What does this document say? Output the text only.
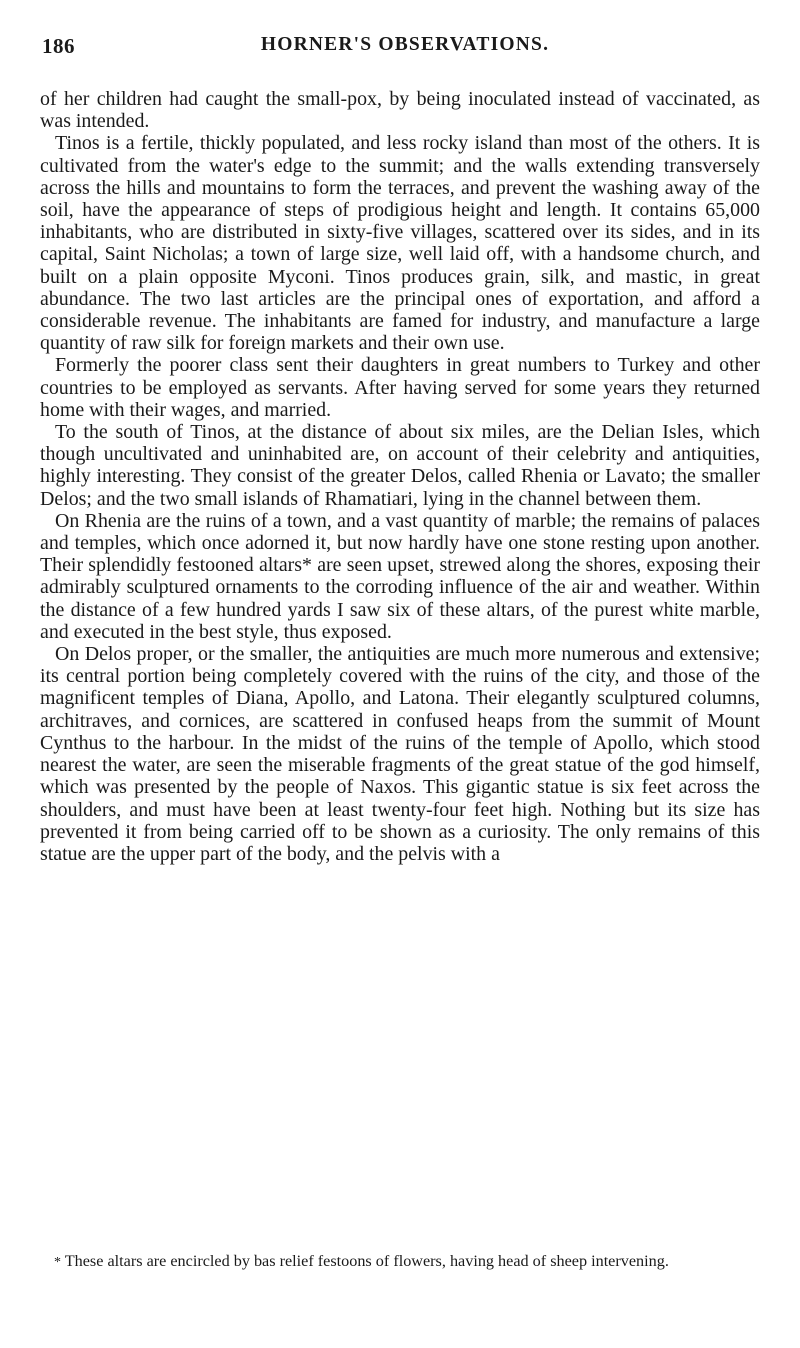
186	HORNER'S OBSERVATIONS.

of her children had caught the small-pox, by being inoculated instead of vaccinated, as was intended.

Tinos is a fertile, thickly populated, and less rocky island than most of the others. It is cultivated from the water's edge to the summit; and the walls extending transversely across the hills and mountains to form the terraces, and prevent the washing away of the soil, have the appearance of steps of prodigious height and length. It contains 65,000 inhabitants, who are distributed in sixty-five villages, scattered over its sides, and in its capital, Saint Nicholas; a town of large size, well laid off, with a handsome church, and built on a plain opposite Myconi. Tinos produces grain, silk, and mastic, in great abundance. The two last articles are the principal ones of exportation, and afford a considerable revenue. The inhabitants are famed for industry, and manufacture a large quantity of raw silk for foreign markets and their own use.

Formerly the poorer class sent their daughters in great numbers to Turkey and other countries to be employed as servants. After having served for some years they returned home with their wages, and married.

To the south of Tinos, at the distance of about six miles, are the Delian Isles, which though uncultivated and uninhabited are, on account of their celebrity and antiquities, highly interesting. They consist of the greater Delos, called Rhenia or Lavato; the smaller Delos; and the two small islands of Rhamatiari, lying in the channel between them.

On Rhenia are the ruins of a town, and a vast quantity of marble; the remains of palaces and temples, which once adorned it, but now hardly have one stone resting upon another. Their splendidly festooned altars* are seen upset, strewed along the shores, exposing their admirably sculptured ornaments to the corroding influence of the air and weather. Within the distance of a few hundred yards I saw six of these altars, of the purest white marble, and executed in the best style, thus exposed.

On Delos proper, or the smaller, the antiquities are much more numerous and extensive; its central portion being completely covered with the ruins of the city, and those of the magnificent temples of Diana, Apollo, and Latona. Their elegantly sculptured columns, architraves, and cornices, are scattered in confused heaps from the summit of Mount Cynthus to the harbour. In the midst of the ruins of the temple of Apollo, which stood nearest the water, are seen the miserable fragments of the great statue of the god himself, which was presented by the people of Naxos. This gigantic statue is six feet across the shoulders, and must have been at least twenty-four feet high. Nothing but its size has prevented it from being carried off to be shown as a curiosity. The only remains of this statue are the upper part of the body, and the pelvis with a

* These altars are encircled by bas relief festoons of flowers, having head of sheep intervening.
